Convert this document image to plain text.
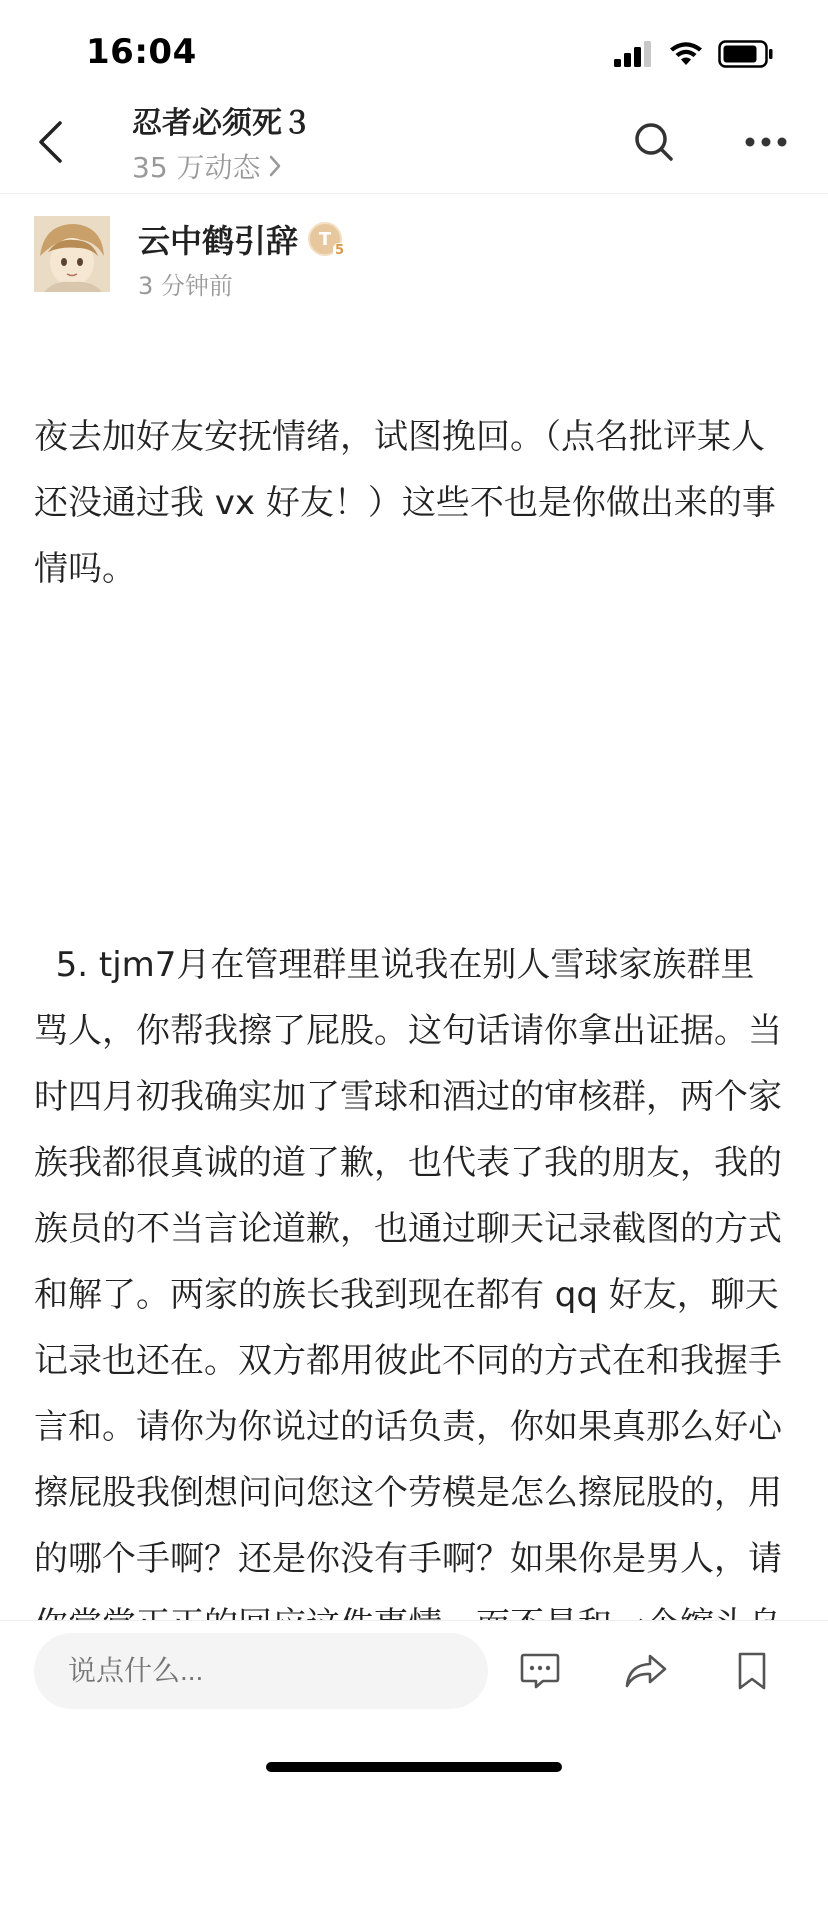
16:04
忍者必须死３
35 万动态
云中鹤引辞 T
5
3 分钟前

夜去加好友安抚情绪，试图挽回。（点名批评某人还没通过我 vx 好友！）这些不也是你做出来的事情吗。

5. tjm7月在管理群里说我在别人雪球家族群里骂人，你帮我擦了屁股。这句话请你拿出证据。当时四月初我确实加了雪球和酒过的审核群，两个家族我都很真诚的道了歉，也代表了我的朋友，我的族员的不当言论道歉，也通过聊天记录截图的方式和解了。两家的族长我到现在都有 qq 好友，聊天记录也还在。双方都用彼此不同的方式在和我握手言和。请你为你说过的话负责，你如果真那么好心擦屁股我倒想问问您这个劳模是怎么擦屁股的，用的哪个手啊？还是你没有手啊？如果你是男人，请

说点什么...
